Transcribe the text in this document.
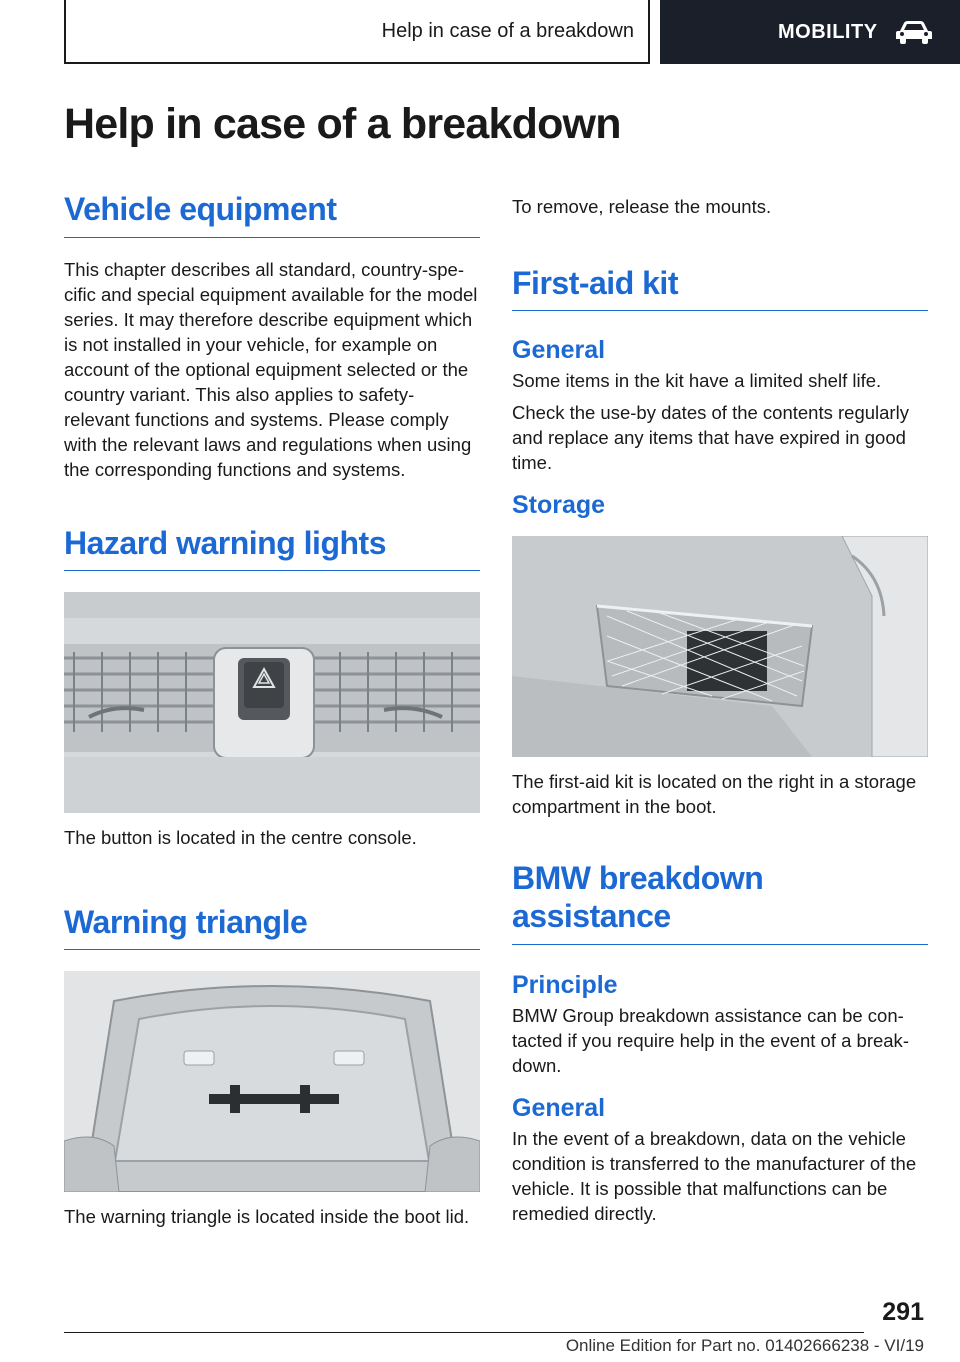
Help in case of a breakdown	MOBILITY
Help in case of a breakdown
Vehicle equipment
This chapter describes all standard, country-specific and special equipment available for the model series. It may therefore describe equipment which is not installed in your vehicle, for example on account of the optional equipment selected or the country variant. This also applies to safety-relevant functions and systems. Please comply with the relevant laws and regulations when using the corresponding functions and systems.
Hazard warning lights
The button is located in the centre console.
Warning triangle
The warning triangle is located inside the boot lid.
To remove, release the mounts.
First-aid kit
General
Some items in the kit have a limited shelf life.
Check the use-by dates of the contents regularly and replace any items that have expired in good time.
Storage
The first-aid kit is located on the right in a storage compartment in the boot.
BMW breakdown assistance
Principle
BMW Group breakdown assistance can be contacted if you require help in the event of a breakdown.
General
In the event of a breakdown, data on the vehicle condition is transferred to the manufacturer of the vehicle. It is possible that malfunctions can be remedied directly.
291
Online Edition for Part no. 01402666238 - VI/19
